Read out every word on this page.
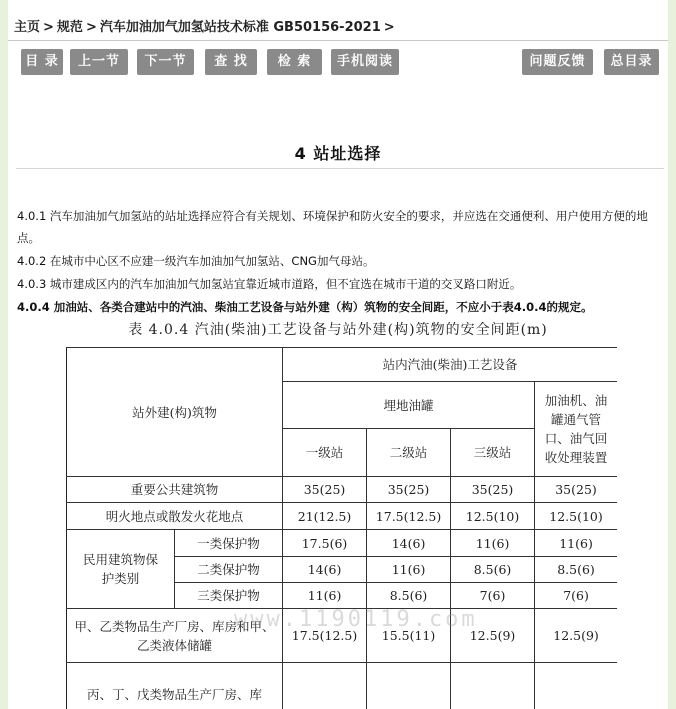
主页 > 规范 > 汽车加油加气加氢站技术标准 GB50156-2021 >
目 录	上一节	下一节	查 找	检 索	手机阅读	问题反馈	总目录
4 站址选择
4.0.1 汽车加油加气加氢站的站址选择应符合有关规划、环境保护和防火安全的要求，并应选在交通便利、用户使用方便的地点。
4.0.2 在城市中心区不应建一级汽车加油加气加氢站、CNG加气母站。
4.0.3 城市建成区内的汽车加油加气加氢站宜靠近城市道路，但不宜选在城市干道的交叉路口附近。
4.0.4 加油站、各类合建站中的汽油、柴油工艺设备与站外建（构）筑物的安全间距，不应小于表4.0.4的规定。
表 4.0.4 汽油(柴油)工艺设备与站外建(构)筑物的安全间距(m)
站外建(构)筑物		站内汽油(柴油)工艺设备			
		埋地油罐			加油机、油罐通气管口、油气回收处理装置
		一级站	二级站	三级站	
重要公共建筑物		35(25)	35(25)	35(25)	35(25)
明火地点或散发火花地点		21(12.5)	17.5(12.5)	12.5(10)	12.5(10)
民用建筑物保护类别	一类保护物	17.5(6)	14(6)	11(6)	11(6)
	二类保护物	14(6)	11(6)	8.5(6)	8.5(6)
	三类保护物	11(6)	8.5(6)	7(6)	7(6)
甲、乙类物品生产厂房、库房和甲、乙类液体储罐		17.5(12.5)	15.5(11)	12.5(9)	12.5(9)
丙、丁、戊类物品生产厂房、库					
www.1190119.com
